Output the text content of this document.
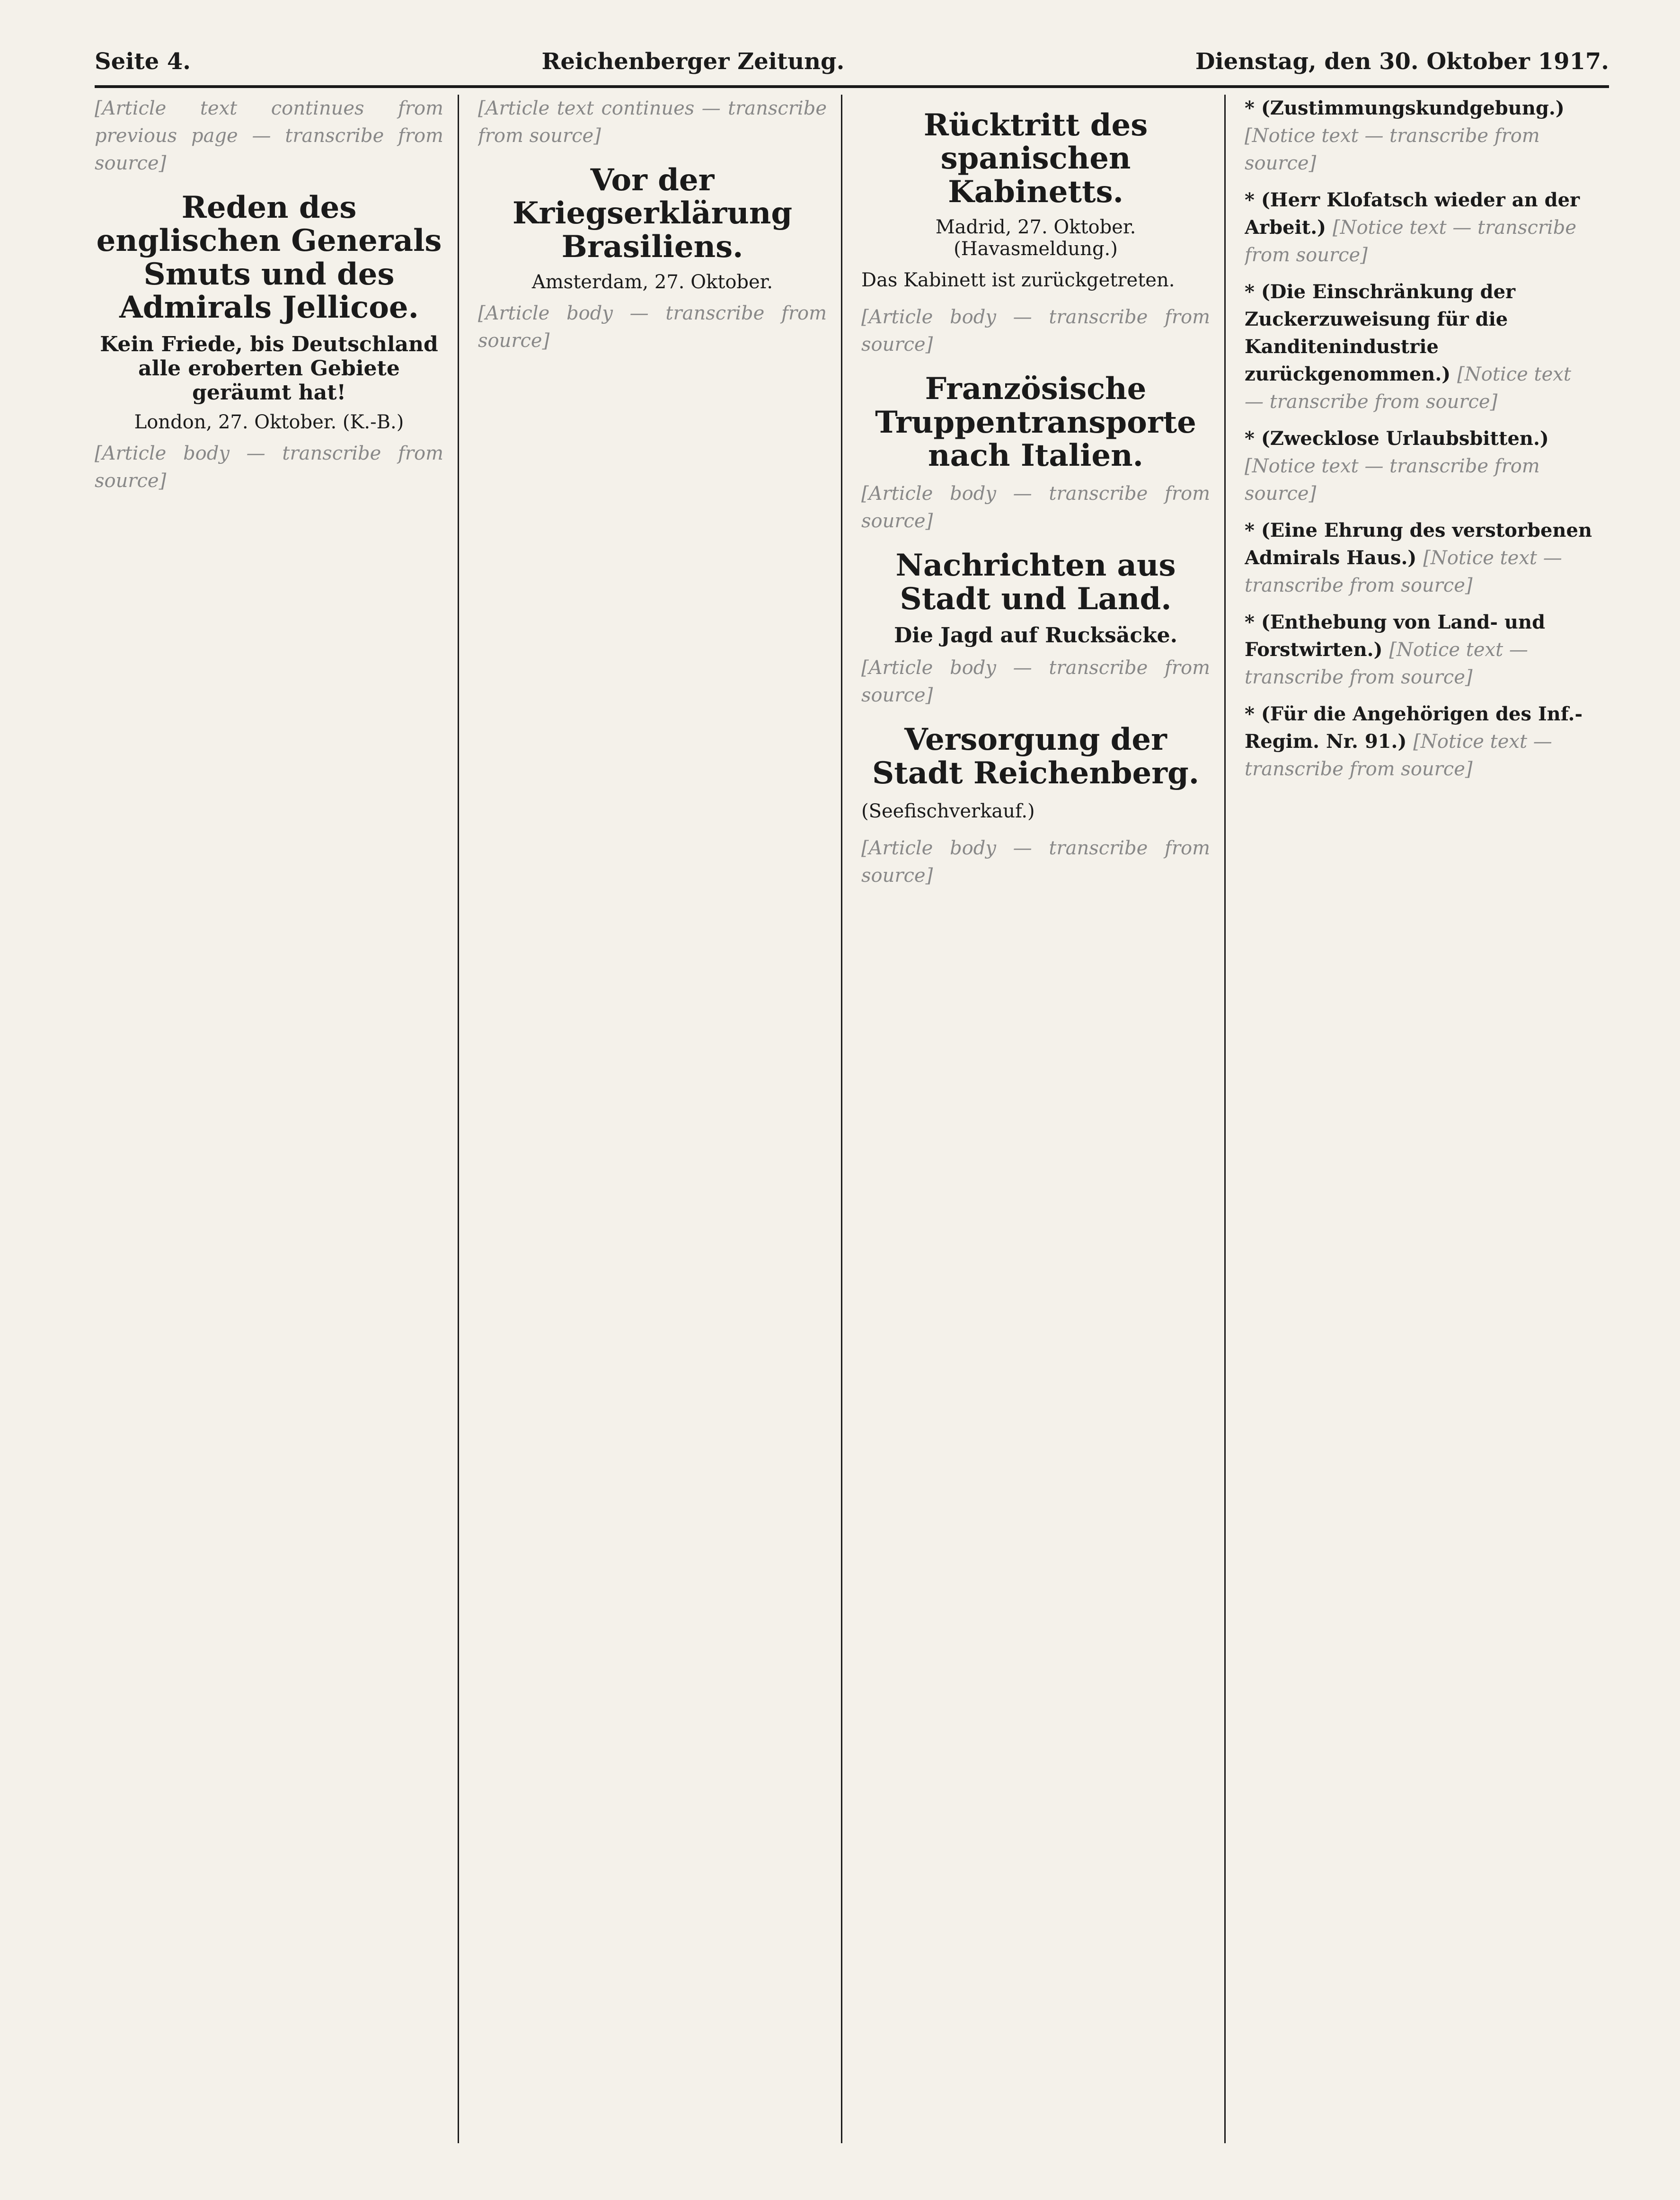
Seite 4.	Reichenberger Zeitung.	Dienstag, den 30. Oktober 1917.

[Article text continues from previous page — transcribe from source]

Reden des englischen Generals Smuts und des Admirals Jellicoe.
Kein Friede, bis Deutschland alle eroberten Gebiete geräumt hat!
London, 27. Oktober. (K.-B.)

[Article body — transcribe from source]

[Article text continues — transcribe from source]

Vor der Kriegserklärung Brasiliens.
Amsterdam, 27. Oktober.

[Article body — transcribe from source]

Rücktritt des spanischen Kabinetts.
Madrid, 27. Oktober. (Havasmeldung.)

Das Kabinett ist zurückgetreten.

[Article body — transcribe from source]

Französische Truppentransporte nach Italien.

[Article body — transcribe from source]

Nachrichten aus Stadt und Land.
Die Jagd auf Rucksäcke.

[Article body — transcribe from source]

Versorgung der Stadt Reichenberg.

(Seefischverkauf.)

[Article body — transcribe from source]

* (Zustimmungskundgebung.) [Notice text — transcribe from source]

* (Herr Klofatsch wieder an der Arbeit.) [Notice text — transcribe from source]

* (Die Einschränkung der Zuckerzuweisung für die Kanditenindustrie zurückgenommen.) [Notice text — transcribe from source]

* (Zwecklose Urlaubsbitten.) [Notice text — transcribe from source]

* (Eine Ehrung des verstorbenen Admirals Haus.) [Notice text — transcribe from source]

* (Enthebung von Land- und Forstwirten.) [Notice text — transcribe from source]

* (Für die Angehörigen des Inf.-Regim. Nr. 91.) [Notice text — transcribe from source]
